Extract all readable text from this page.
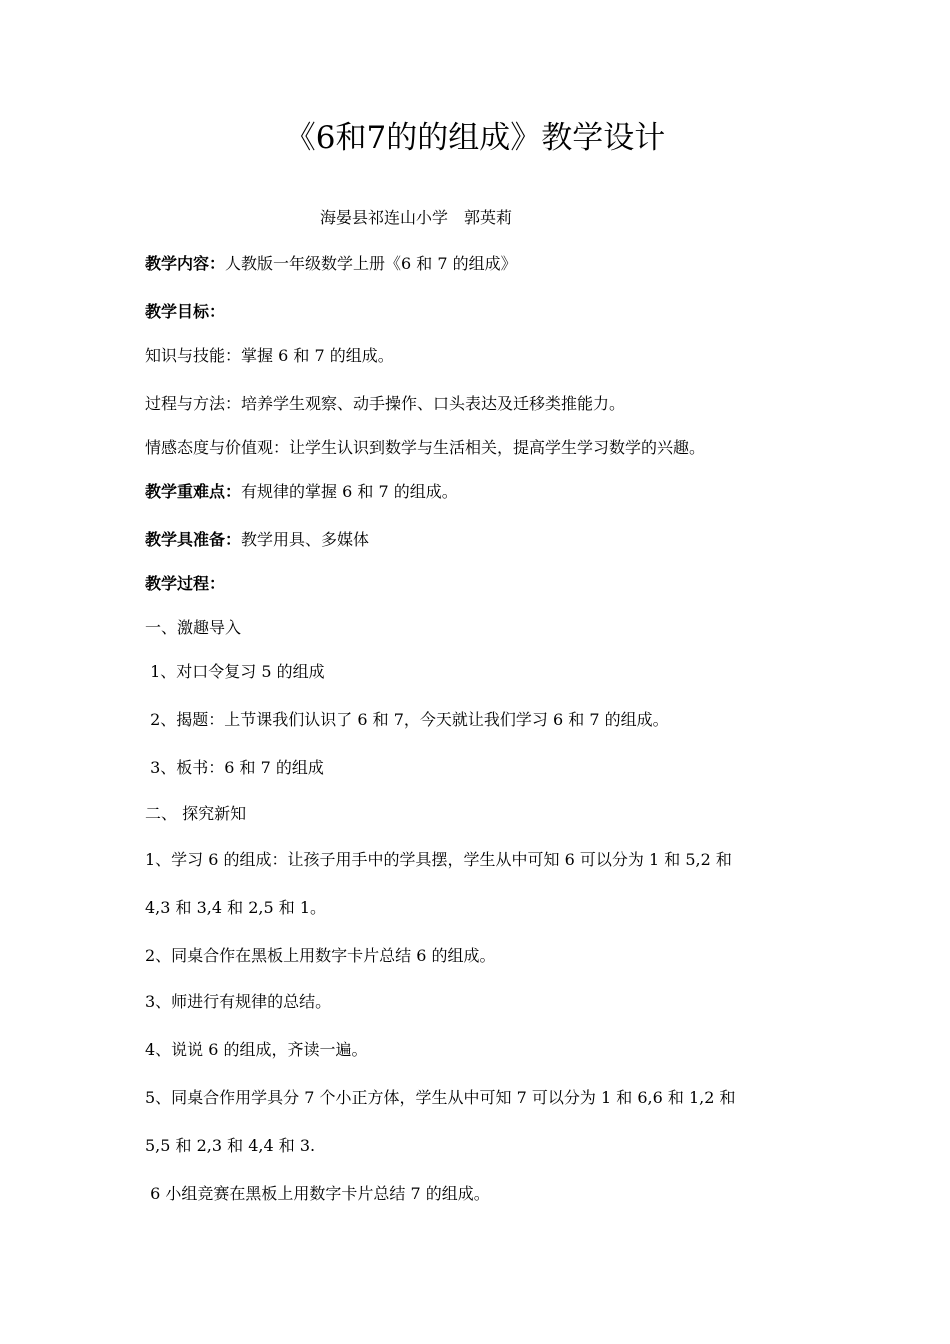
《6和7的的组成》教学设计
海晏县祁连山小学　郭英莉
教学内容：人教版一年级数学上册《6 和 7 的组成》
教学目标：
知识与技能：掌握 6 和 7 的组成。
过程与方法：培养学生观察、动手操作、口头表达及迁移类推能力。
情感态度与价值观：让学生认识到数学与生活相关，提高学生学习数学的兴趣。
教学重难点：有规律的掌握 6 和 7 的组成。
教学具准备：教学用具、多媒体
教学过程：
一、激趣导入
1、对口令复习 5 的组成
2、揭题：上节课我们认识了 6 和 7，今天就让我们学习 6 和 7 的组成。
3、板书：6 和 7 的组成
二、 探究新知
1、学习 6 的组成：让孩子用手中的学具摆，学生从中可知 6 可以分为 1 和 5,2 和
4,3 和 3,4 和 2,5 和 1。
2、同桌合作在黑板上用数字卡片总结 6 的组成。
3、师进行有规律的总结。
4、说说 6 的组成，齐读一遍。
5、同桌合作用学具分 7 个小正方体，学生从中可知 7 可以分为 1 和 6,6 和 1,2 和
5,5 和 2,3 和 4,4 和 3.
6 小组竞赛在黑板上用数字卡片总结 7 的组成。
